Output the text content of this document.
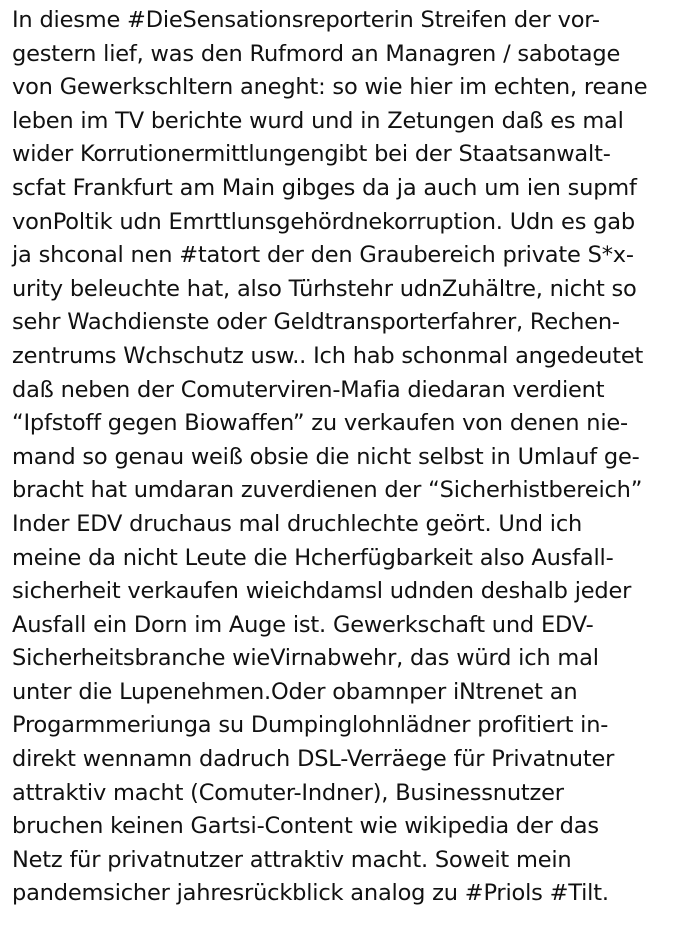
In diesme #DieSensationsreporterin Streifen der vor-
gestern lief, was den Rufmord an Managren / sabotage
von Gewerkschltern aneght: so wie hier im echten, reane
leben im TV berichte wurd und in Zetungen daß es mal
wider Korrutionermittlungengibt bei der Staatsanwalt-
scfat Frankfurt am Main gibges da ja auch um ien supmf
vonPoltik udn Emrttlunsgehördnekorruption. Udn es gab
ja shconal nen #tatort der den Graubereich private S*x-
urity beleuchte hat, also Türhstehr udnZuhältre, nicht so
sehr Wachdienste oder Geldtransporterfahrer, Rechen-
zentrums Wchschutz usw.. Ich hab schonmal angedeutet
daß neben der Comuterviren-Mafia diedaran verdient
“Ipfstoff gegen Biowaffen” zu verkaufen von denen nie-
mand so genau weiß obsie die nicht selbst in Umlauf ge-
bracht hat umdaran zuverdienen der “Sicherhistbereich”
Inder EDV druchaus mal druchlechte geört. Und ich
meine da nicht Leute die Hcherfügbarkeit also Ausfall-
sicherheit verkaufen wieichdamsl udnden deshalb jeder
Ausfall ein Dorn im Auge ist. Gewerkschaft und EDV-
Sicherheitsbranche wieVirnabwehr, das würd ich mal
unter die Lupenehmen.Oder obamnper iNtrenet an
Progarmmeriunga su Dumpinglohnlädner profitiert in-
direkt wennamn dadruch DSL-Verräege für Privatnuter
attraktiv macht (Comuter-Indner), Businessnutzer
bruchen keinen Gartsi-Content wie wikipedia der das
Netz für privatnutzer attraktiv macht. Soweit mein
pandemsicher jahresrückblick analog zu #Priols #Tilt.
